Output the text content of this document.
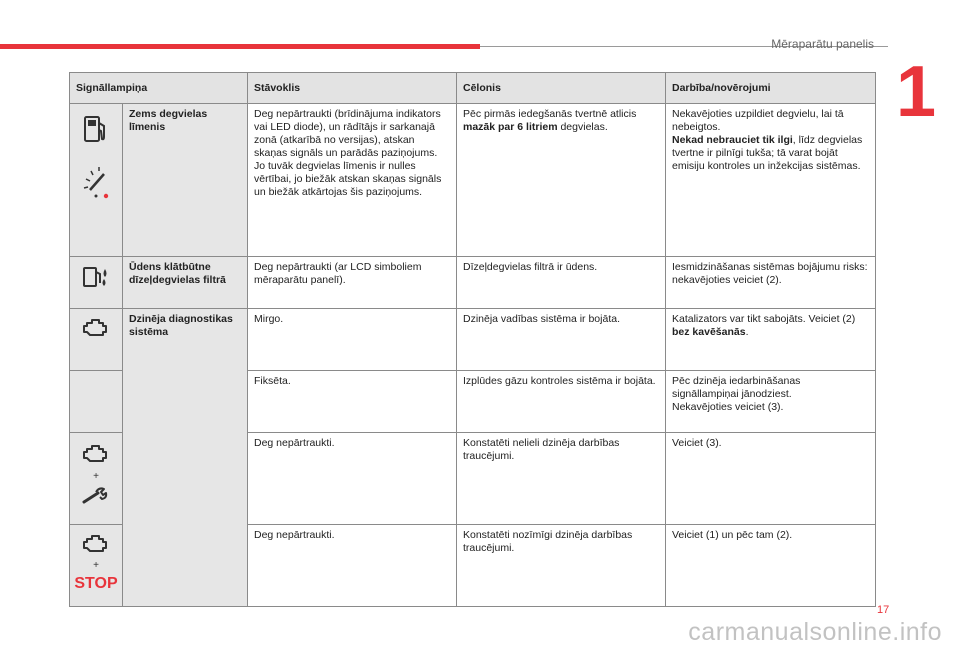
Mēraparātu panelis
1
Signāllampiņa		Stāvoklis	Cēlonis	Darbība/novērojumi

	Zems degvielas līmenis	Deg nepārtraukti (brīdinājuma indikators vai LED diode), un rādītājs ir sarkanajā zonā (atkarībā no versijas), atskan skaņas signāls un parādās paziņojums.
Jo tuvāk degvielas līmenis ir nulles vērtībai, jo biežāk atskan skaņas signāls un biežāk atkārtojas šis paziņojums.	Pēc pirmās iedegšanās tvertnē atlicis mazāk par 6 litriem degvielas.	Nekavējoties uzpildiet degvielu, lai tā nebeigtos.
Nekad nebrauciet tik ilgi, līdz degvielas tvertne ir pilnīgi tukša; tā varat bojāt emisiju kontroles un inžekcijas sistēmas.

	Ūdens klātbūtne dīzeļdegvielas filtrā	Deg nepārtraukti (ar LCD simboliem mēraparātu panelī).	Dīzeļdegvielas filtrā ir ūdens.	Iesmidzināšanas sistēmas bojājumu risks: nekavējoties veiciet (2).

	Dzinēja diagnostikas sistēma	Mirgo.	Dzinēja vadības sistēma ir bojāta.	Katalizators var tikt sabojāts. Veiciet (2) bez kavēšanās.
		Fiksēta.	Izplūdes gāzu kontroles sistēma ir bojāta.	Pēc dzinēja iedarbināšanas signāllampiņai jānodziest.
Nekavējoties veiciet (3).

+		Deg nepārtraukti.	Konstatēti nelieli dzinēja darbības traucējumi.	Veiciet (3).

+
STOP		Deg nepārtraukti.	Konstatēti nozīmīgi dzinēja darbības traucējumi.	Veiciet (1) un pēc tam (2).
17
carmanualsonline.info
